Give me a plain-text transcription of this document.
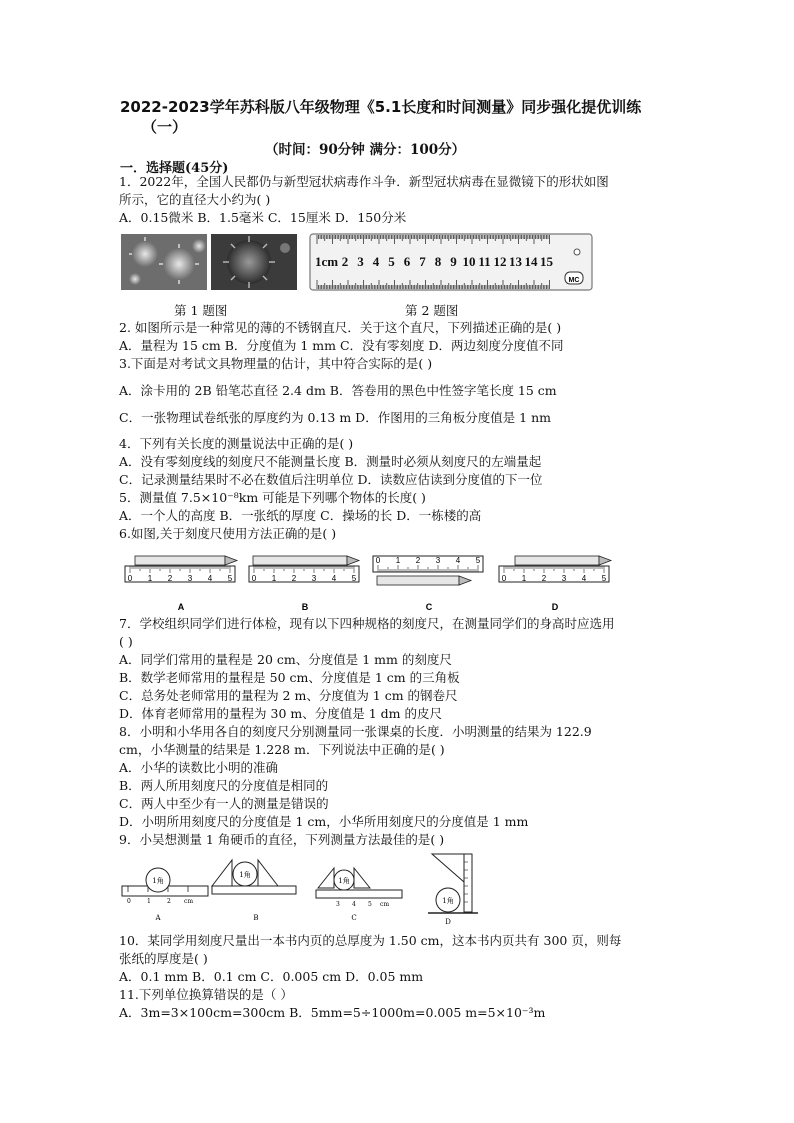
2022-2023学年苏科版八年级物理《5.1长度和时间测量》同步强化提优训练
（一）
（时间：90分钟 满分：100分）
一．选择题(45分)
1．2022年，全国人民都仍与新型冠状病毒作斗争．新型冠状病毒在显微镜下的形状如图
所示，它的直径大小约为( )
A．0.15微米 B．1.5毫米 C．15厘米 D．150分米
1cm 2 3 4 5 6 7 8 9 10 11 12 13 14 15
MC
第 1 题图	第 2 题图
2. 如图所示是一种常见的薄的不锈钢直尺．关于这个直尺，下列描述正确的是( )
A．量程为 15 cm B．分度值为 1 mm C．没有零刻度 D．两边刻度分度值不同
3.下面是对考试文具物理量的估计，其中符合实际的是( )
A．涂卡用的 2B 铅笔芯直径 2.4 dm B．答卷用的黑色中性签字笔长度 15 cm
C．一张物理试卷纸张的厚度约为 0.13 m D．作图用的三角板分度值是 1 nm
4．下列有关长度的测量说法中正确的是( )
A．没有零刻度线的刻度尺不能测量长度 B．测量时必须从刻度尺的左端量起
C．记录测量结果时不必在数值后注明单位 D．读数应估读到分度值的下一位
5．测量值 7.5×10⁻⁸km 可能是下列哪个物体的长度( )
A．一个人的高度 B．一张纸的厚度 C．操场的长 D．一栋楼的高
6.如图,关于刻度尺使用方法正确的是( )
0 1 2 3 4 5
A
0 1 2 3 4 5
B
0 1 2 3 4 5
C
0 1 2 3 4 5
D
7．学校组织同学们进行体检，现有以下四种规格的刻度尺，在测量同学们的身高时应选用
( )
A．同学们常用的量程是 20 cm、分度值是 1 mm 的刻度尺
B．数学老师常用的量程是 50 cm、分度值是 1 cm 的三角板
C．总务处老师常用的量程为 2 m、分度值为 1 cm 的钢卷尺
D．体育老师常用的量程为 30 m、分度值是 1 dm 的皮尺
8．小明和小华用各自的刻度尺分别测量同一张课桌的长度．小明测量的结果为 122.9
cm，小华测量的结果是 1.228 m．下列说法中正确的是( )
A．小华的读数比小明的准确
B．两人所用刻度尺的分度值是相同的
C．两人中至少有一人的测量是错误的
D．小明所用刻度尺的分度值是 1 cm，小华所用刻度尺的分度值是 1 mm
9．小吴想测量 1 角硬币的直径，下列测量方法最佳的是( )
1角
0	1	2 cm
A
1角
B
1角
3 4 5 cm
C
1角
D
10．某同学用刻度尺量出一本书内页的总厚度为 1.50 cm，这本书内页共有 300 页，则每
张纸的厚度是( )
A．0.1 mm B．0.1 cm C．0.005 cm D．0.05 mm
11.下列单位换算错误的是（ ）
A．3m=3×100cm=300cm B．5mm=5÷1000m=0.005 m=5×10⁻³m
